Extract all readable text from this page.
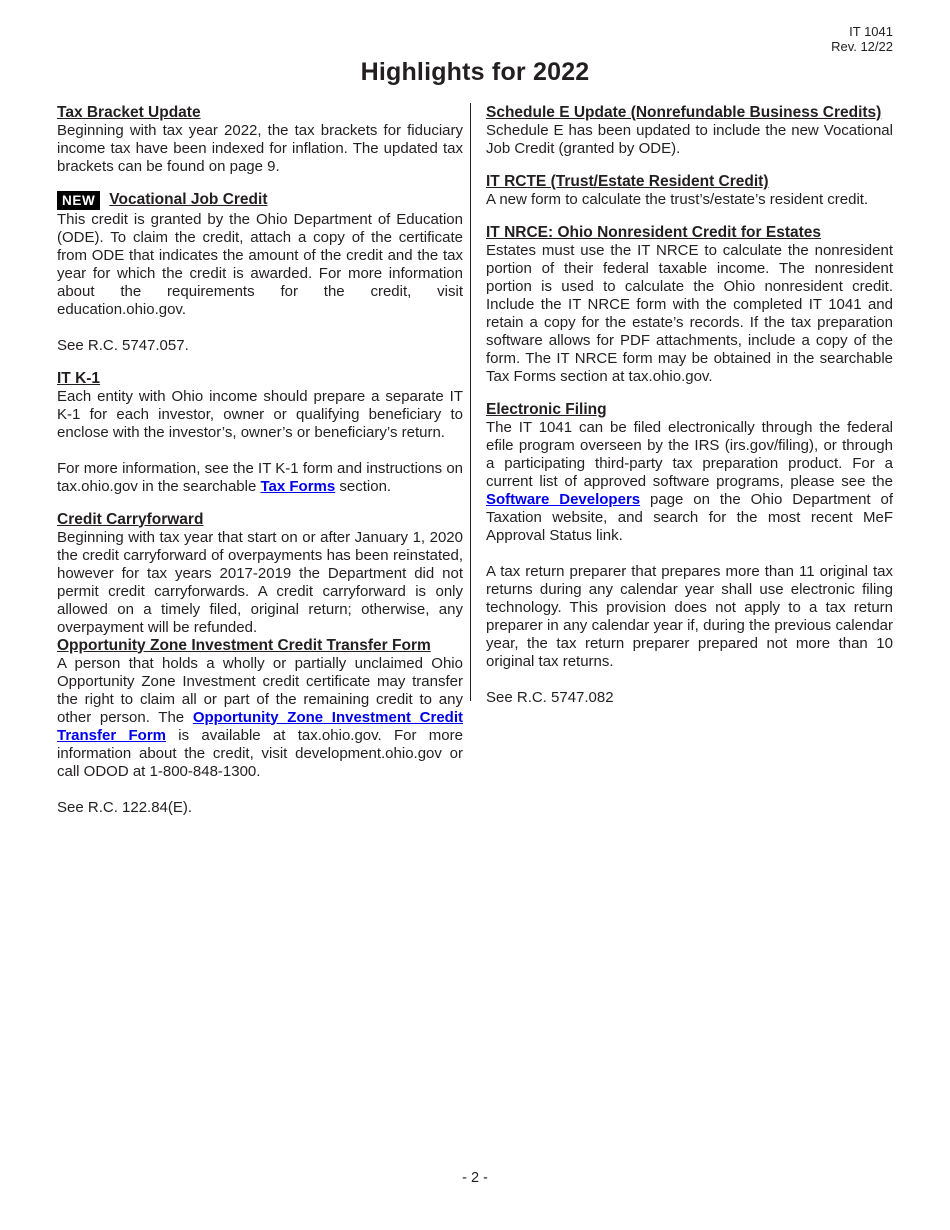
IT 1041
Rev. 12/22
Highlights for 2022
Tax Bracket Update

Beginning with tax year 2022, the tax brackets for fiduciary income tax have been indexed for inflation. The updated tax brackets can be found on page 9.

NEW Vocational Job Credit

This credit is granted by the Ohio Department of Education (ODE). To claim the credit, attach a copy of the certificate from ODE that indicates the amount of the credit and the tax year for which the credit is awarded. For more information about the requirements for the credit, visit education.ohio.gov.

See R.C. 5747.057.

IT K-1

Each entity with Ohio income should prepare a separate IT K-1 for each investor, owner or qualifying beneficiary to enclose with the investor’s, owner’s or beneficiary’s return.

For more information, see the IT K-1 form and instructions on tax.ohio.gov in the searchable Tax Forms section.

Credit Carryforward

Beginning with tax year that start on or after January 1, 2020 the credit carryforward of overpayments has been reinstated, however for tax years 2017-2019 the Department did not permit credit carryforwards. A credit carryforward is only allowed on a timely filed, original return; otherwise, any overpayment will be refunded.

Opportunity Zone Investment Credit Transfer Form

A person that holds a wholly or partially unclaimed Ohio Opportunity Zone Investment credit certificate may transfer the right to claim all or part of the remaining credit to any other person. The Opportunity Zone Investment Credit Transfer Form is available at tax.ohio.gov. For more information about the credit, visit development.ohio.gov or call ODOD at 1-800-848-1300.

See R.C. 122.84(E).

Schedule E Update (Nonrefundable Business Credits)

Schedule E has been updated to include the new Vocational Job Credit (granted by ODE).

IT RCTE (Trust/Estate Resident Credit)

A new form to calculate the trust’s/estate’s resident credit.

IT NRCE: Ohio Nonresident Credit for Estates

Estates must use the IT NRCE to calculate the nonresident portion of their federal taxable income. The nonresident portion is used to calculate the Ohio nonresident credit. Include the IT NRCE form with the completed IT 1041 and retain a copy for the estate’s records. If the tax preparation software allows for PDF attachments, include a copy of the form. The IT NRCE form may be obtained in the searchable Tax Forms section at tax.ohio.gov.

Electronic Filing

The IT 1041 can be filed electronically through the federal efile program overseen by the IRS (irs.gov/filing), or through a participating third-party tax preparation product. For a current list of approved software programs, please see the Software Developers page on the Ohio Department of Taxation website, and search for the most recent MeF Approval Status link.

A tax return preparer that prepares more than 11 original tax returns during any calendar year shall use electronic filing technology. This provision does not apply to a tax return preparer in any calendar year if, during the previous calendar year, the tax return preparer prepared not more than 10 original tax returns.

See R.C. 5747.082

- 2 -
